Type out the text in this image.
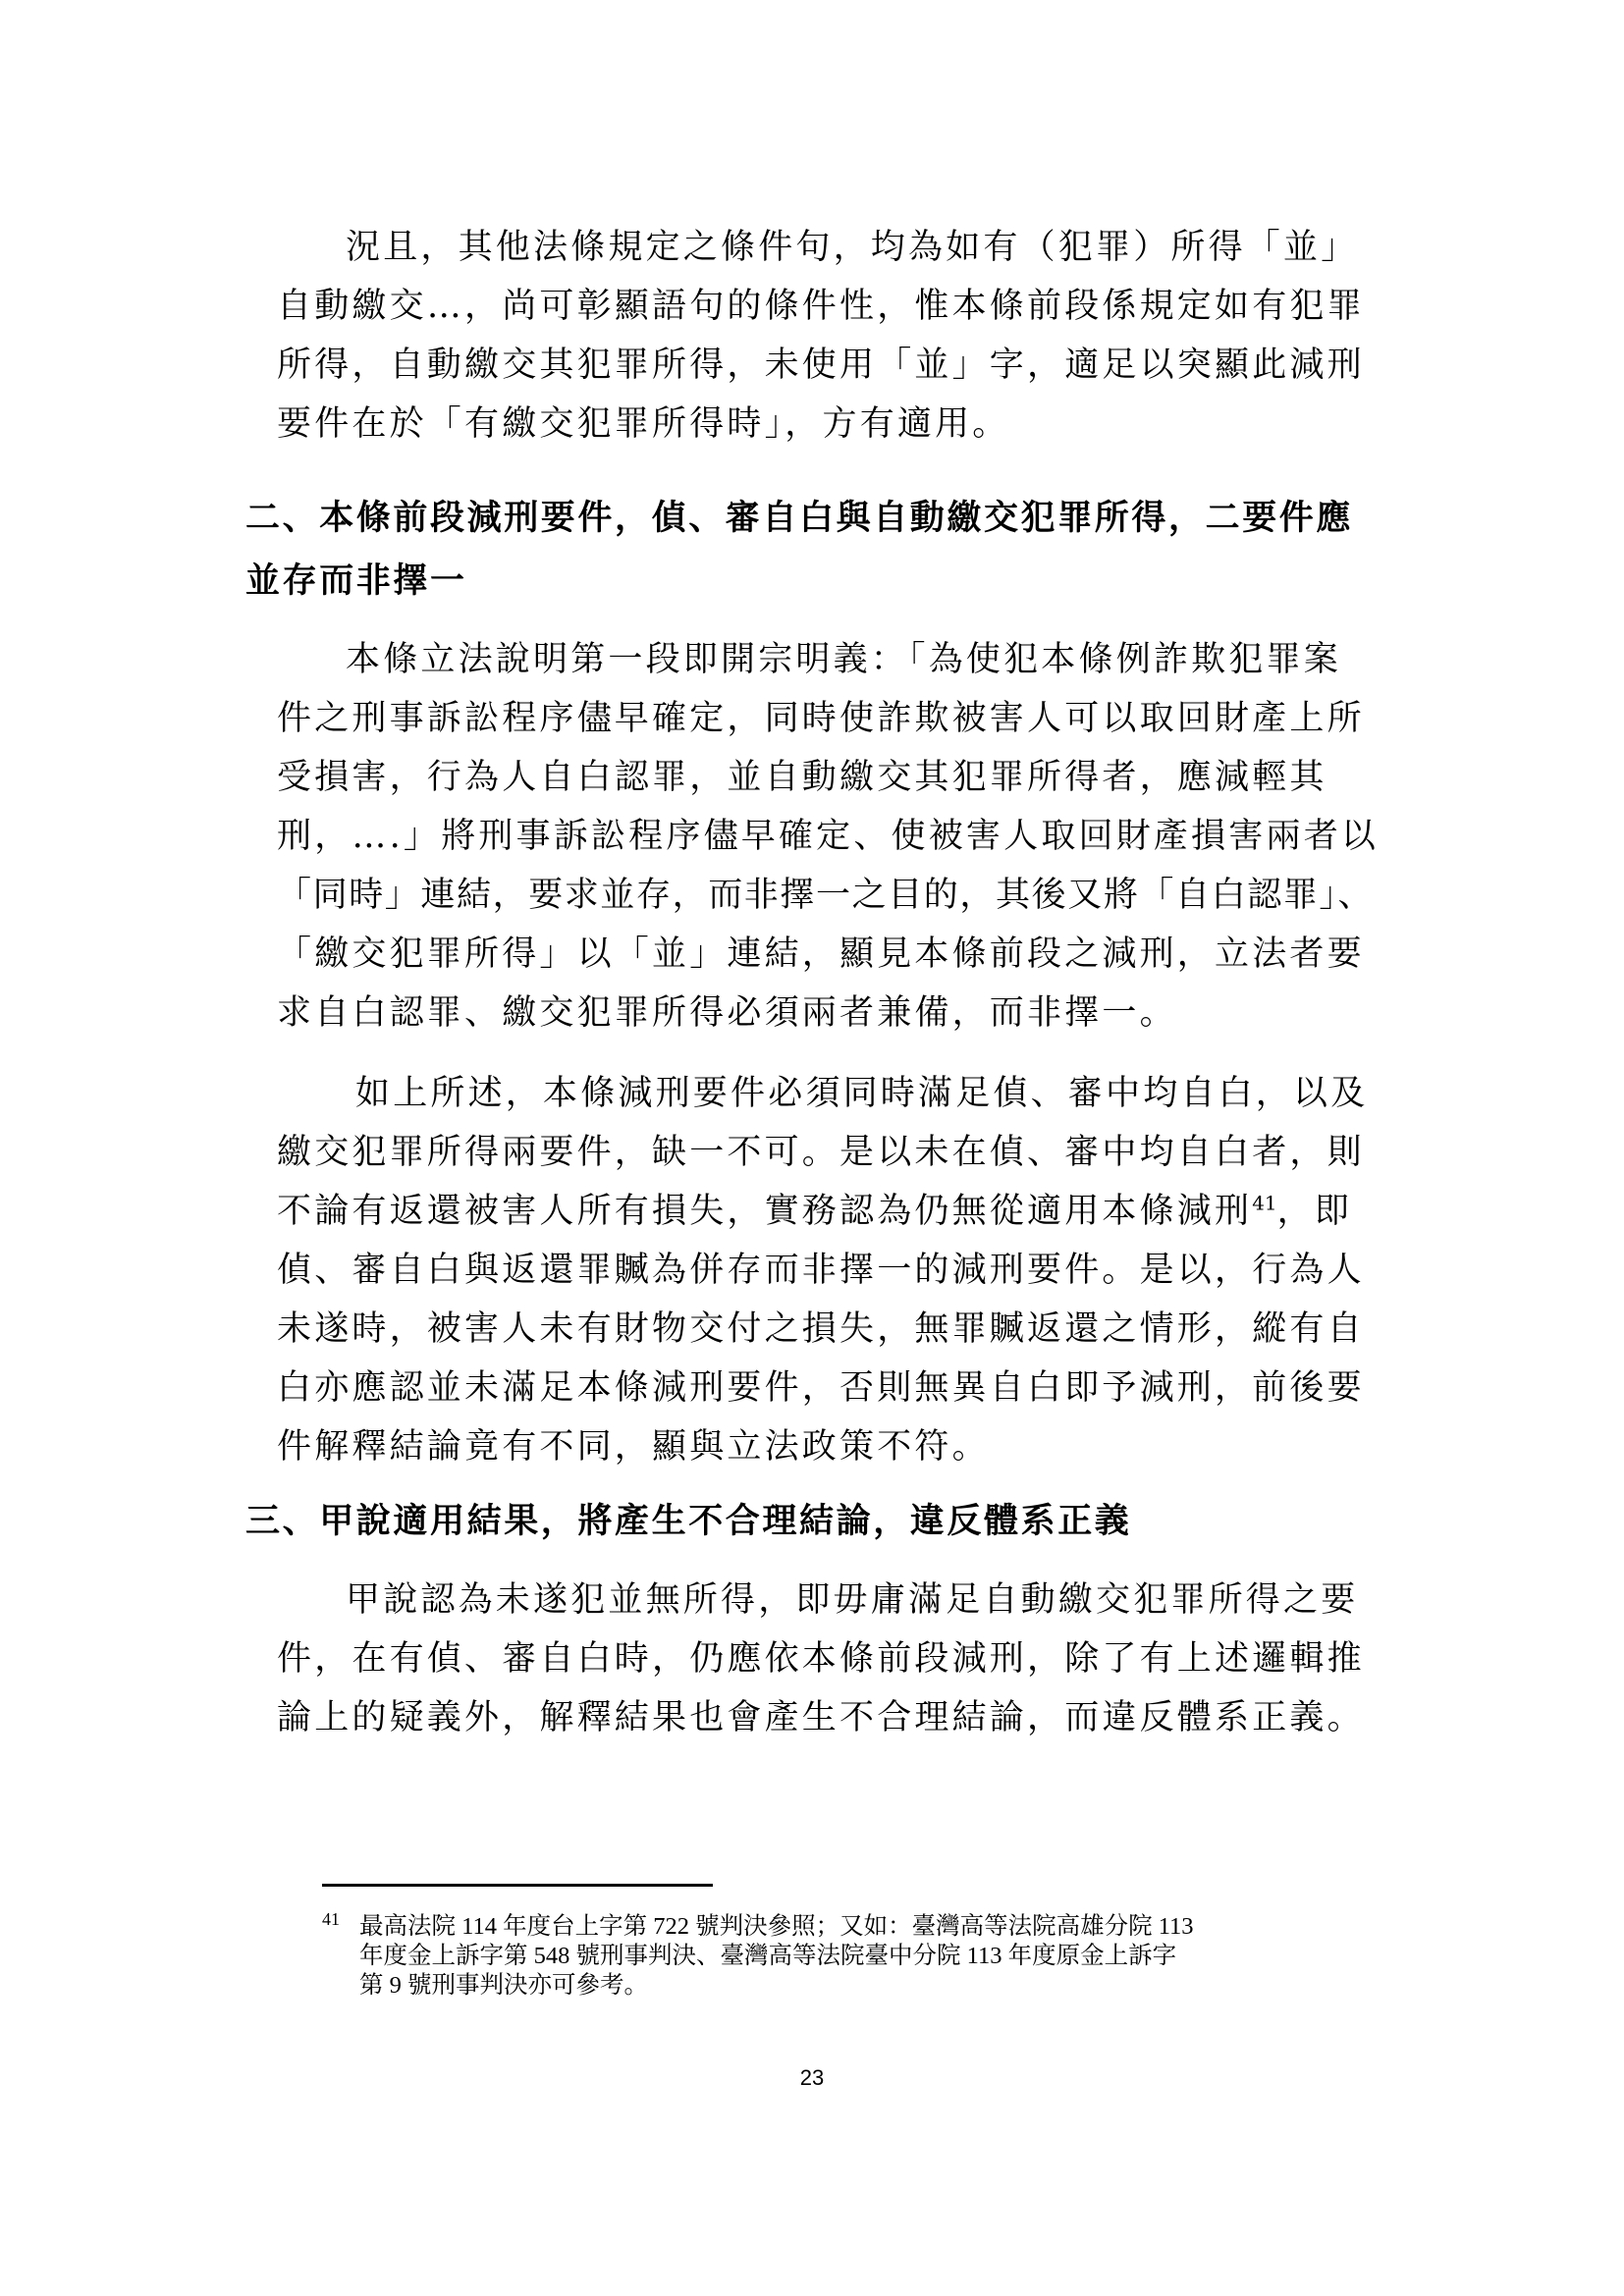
況且，其他法條規定之條件句，均為如有（犯罪）所得「並」
自動繳交…，尚可彰顯語句的條件性，惟本條前段係規定如有犯罪
所得，自動繳交其犯罪所得，未使用「並」字，適足以突顯此減刑
要件在於「有繳交犯罪所得時」，方有適用。
二、本條前段減刑要件，偵、審自白與自動繳交犯罪所得，二要件應
並存而非擇一
本條立法說明第一段即開宗明義：「為使犯本條例詐欺犯罪案
件之刑事訴訟程序儘早確定，同時使詐欺被害人可以取回財產上所
受損害，行為人自白認罪，並自動繳交其犯罪所得者，應減輕其
刑，….」將刑事訴訟程序儘早確定、使被害人取回財產損害兩者以
「同時」連結，要求並存，而非擇一之目的，其後又將「自白認罪」、
「繳交犯罪所得」以「並」連結，顯見本條前段之減刑，立法者要
求自白認罪、繳交犯罪所得必須兩者兼備，而非擇一。
如上所述，本條減刑要件必須同時滿足偵、審中均自白，以及
繳交犯罪所得兩要件，缺一不可。是以未在偵、審中均自白者，則
不論有返還被害人所有損失，實務認為仍無從適用本條減刑$^{41}$，即
偵、審自白與返還罪贓為併存而非擇一的減刑要件。是以，行為人
未遂時，被害人未有財物交付之損失，無罪贓返還之情形，縱有自
白亦應認並未滿足本條減刑要件，否則無異自白即予減刑，前後要
件解釋結論竟有不同，顯與立法政策不符。
三、甲說適用結果，將產生不合理結論，違反體系正義
甲說認為未遂犯並無所得，即毋庸滿足自動繳交犯罪所得之要
件，在有偵、審自白時，仍應依本條前段減刑，除了有上述邏輯推
論上的疑義外，解釋結果也會產生不合理結論，而違反體系正義。
41 最高法院 114 年度台上字第 722 號判決參照；又如：臺灣高等法院高雄分院 113
年度金上訴字第 548 號刑事判決、臺灣高等法院臺中分院 113 年度原金上訴字
第 9 號刑事判決亦可參考。
23
